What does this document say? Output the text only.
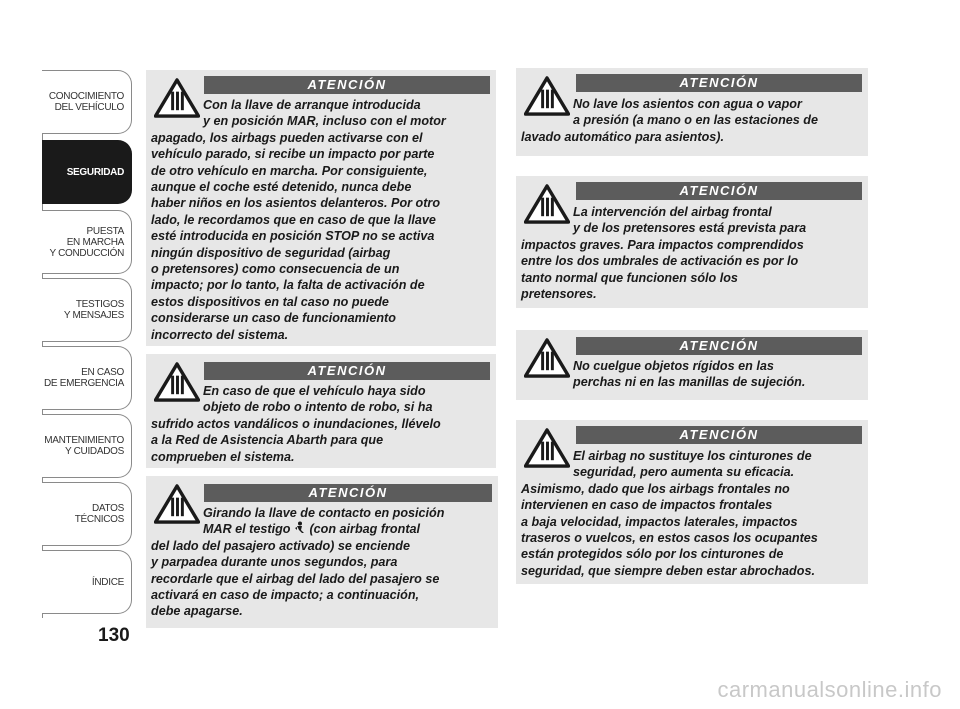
CONOCIMIENTO
DEL VEHÍCULO
SEGURIDAD
PUESTA
EN MARCHA
Y CONDUCCIÓN
TESTIGOS
Y MENSAJES
EN CASO
DE EMERGENCIA
MANTENIMIENTO
Y CUIDADOS
DATOS TÉCNICOS
ÍNDICE
130
ATENCIÓN

Con la llave de arranque introducida
y en posición MAR, incluso con el motor

apagado, los airbags pueden activarse con el
vehículo parado, si recibe un impacto por parte
de otro vehículo en marcha. Por consiguiente,
aunque el coche esté detenido, nunca debe
haber niños en los asientos delanteros. Por otro
lado, le recordamos que en caso de que la llave
esté introducida en posición STOP no se activa
ningún dispositivo de seguridad (airbag
o pretensores) como consecuencia de un
impacto; por lo tanto, la falta de activación de
estos dispositivos en tal caso no puede
considerarse un caso de funcionamiento
incorrecto del sistema.

ATENCIÓN

En caso de que el vehículo haya sido
objeto de robo o intento de robo, si ha

sufrido actos vandálicos o inundaciones, llévelo
a la Red de Asistencia Abarth para que
comprueben el sistema.

ATENCIÓN

Girando la llave de contacto en posición
MAR el testigo  (con airbag frontal

del lado del pasajero activado) se enciende
y parpadea durante unos segundos, para
recordarle que el airbag del lado del pasajero se
activará en caso de impacto; a continuación,
debe apagarse.

ATENCIÓN

No lave los asientos con agua o vapor
a presión (a mano o en las estaciones de

lavado automático para asientos).

ATENCIÓN

La intervención del airbag frontal
y de los pretensores está prevista para

impactos graves. Para impactos comprendidos
entre los dos umbrales de activación es por lo
tanto normal que funcionen sólo los
pretensores.

ATENCIÓN

No cuelgue objetos rígidos en las
perchas ni en las manillas de sujeción.

ATENCIÓN

El airbag no sustituye los cinturones de
seguridad, pero aumenta su eficacia.

Asimismo, dado que los airbags frontales no
intervienen en caso de impactos frontales
a baja velocidad, impactos laterales, impactos
traseros o vuelcos, en estos casos los ocupantes
están protegidos sólo por los cinturones de
seguridad, que siempre deben estar abrochados.

carmanualsonline.info
